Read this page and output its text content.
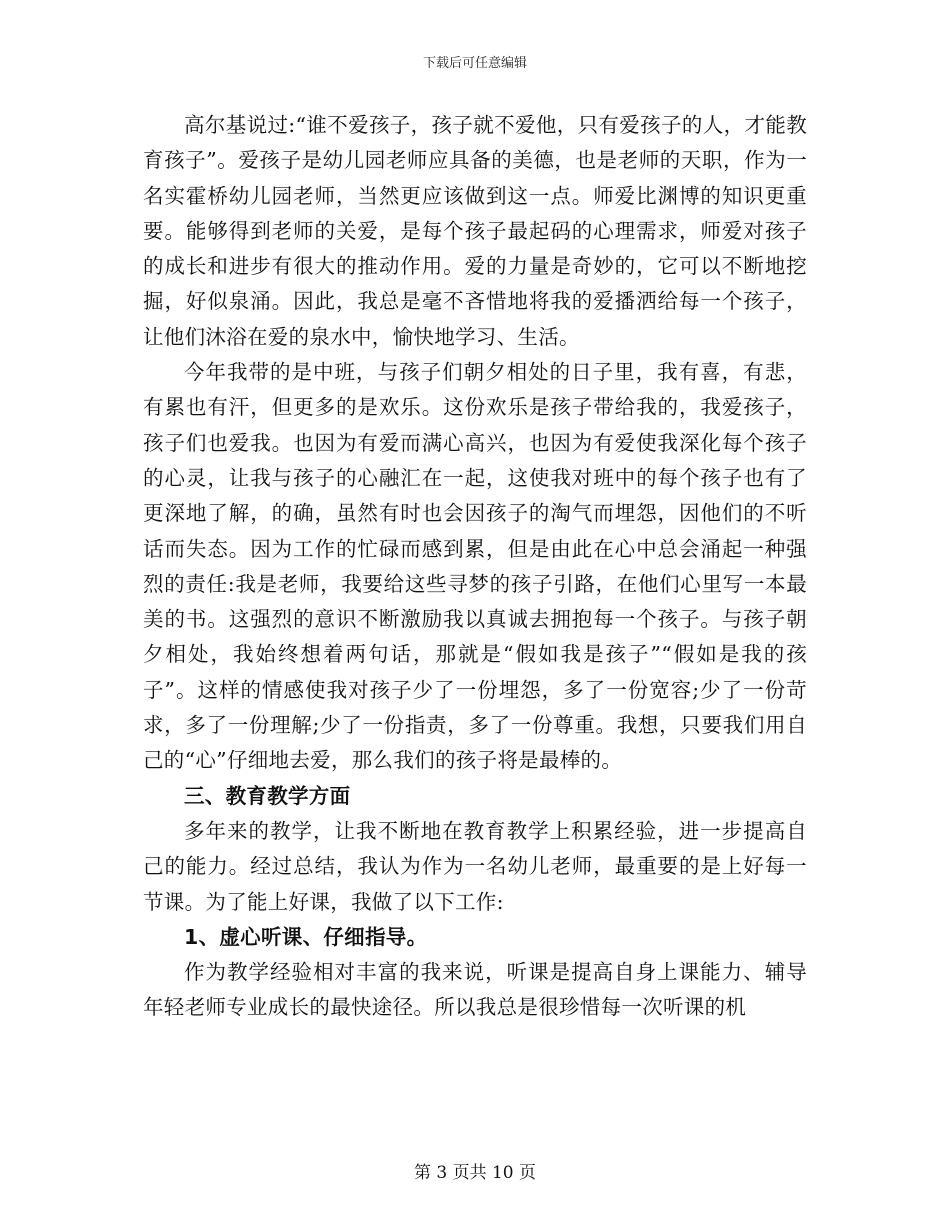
下载后可任意编辑

高尔基说过:“谁不爱孩子，孩子就不爱他，只有爱孩子的人，才能教育孩子”。爱孩子是幼儿园老师应具备的美德，也是老师的天职，作为一名实霍桥幼儿园老师，当然更应该做到这一点。师爱比渊博的知识更重要。能够得到老师的关爱，是每个孩子最起码的心理需求，师爱对孩子的成长和进步有很大的推动作用。爱的力量是奇妙的，它可以不断地挖掘，好似泉涌。因此，我总是毫不吝惜地将我的爱播洒给每一个孩子，让他们沐浴在爱的泉水中，愉快地学习、生活。

今年我带的是中班，与孩子们朝夕相处的日子里，我有喜，有悲，有累也有汗，但更多的是欢乐。这份欢乐是孩子带给我的，我爱孩子，孩子们也爱我。也因为有爱而满心高兴，也因为有爱使我深化每个孩子的心灵，让我与孩子的心融汇在一起，这使我对班中的每个孩子也有了更深地了解，的确，虽然有时也会因孩子的淘气而埋怨，因他们的不听话而失态。因为工作的忙碌而感到累，但是由此在心中总会涌起一种强烈的责任:我是老师，我要给这些寻梦的孩子引路，在他们心里写一本最美的书。这强烈的意识不断激励我以真诚去拥抱每一个孩子。与孩子朝夕相处，我始终想着两句话，那就是“假如我是孩子”“假如是我的孩子”。这样的情感使我对孩子少了一份埋怨，多了一份宽容;少了一份苛求，多了一份理解;少了一份指责，多了一份尊重。我想，只要我们用自己的“心”仔细地去爱，那么我们的孩子将是最棒的。

三、教育教学方面

多年来的教学，让我不断地在教育教学上积累经验，进一步提高自己的能力。经过总结，我认为作为一名幼儿老师，最重要的是上好每一节课。为了能上好课，我做了以下工作:

1、虚心听课、仔细指导。

作为教学经验相对丰富的我来说，听课是提高自身上课能力、辅导年轻老师专业成长的最快途径。所以我总是很珍惜每一次听课的机

第 3 页共 10 页
